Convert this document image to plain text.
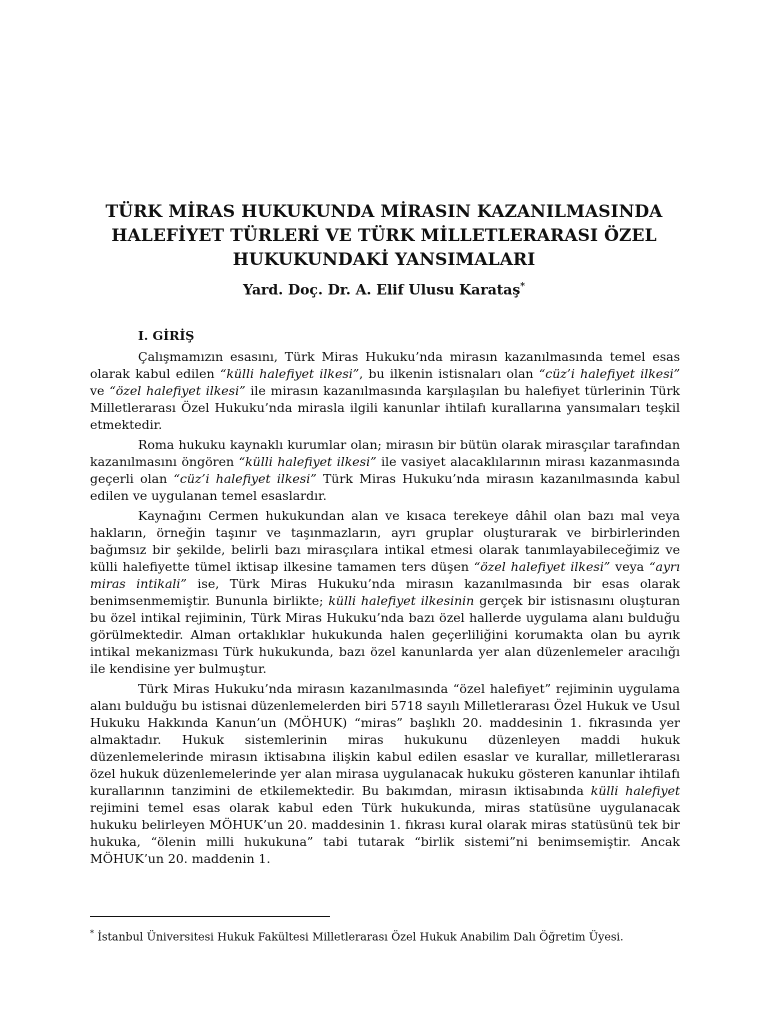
TÜRK MİRAS HUKUKUNDA MİRASIN KAZANILMASINDA
HALEFİYET TÜRLERİ VE TÜRK MİLLETLERARASI ÖZEL
HUKUKUNDAKİ YANSIMALARI
Yard. Doç. Dr. A. Elif Ulusu Karataş*
I. GİRİŞ

Çalışmamızın esasını, Türk Miras Hukuku’nda mirasın kazanılmasında temel esas olarak kabul edilen “külli halefiyet ilkesi”, bu ilkenin istisnaları olan “cüz’i halefiyet ilkesi” ve “özel halefiyet ilkesi” ile mirasın kazanılmasında karşılaşılan bu halefiyet türlerinin Türk Milletlerarası Özel Hukuku’nda mirasla ilgili kanunlar ihtilafı kurallarına yansımaları teşkil etmektedir.

Roma hukuku kaynaklı kurumlar olan; mirasın bir bütün olarak mirasçılar tarafından kazanılmasını öngören “külli halefiyet ilkesi” ile vasiyet alacaklılarının mirası kazanmasında geçerli olan “cüz’i halefiyet ilkesi” Türk Miras Hukuku’nda mirasın kazanılmasında kabul edilen ve uygulanan temel esaslardır.

Kaynağını Cermen hukukundan alan ve kısaca terekeye dâhil olan bazı mal veya hakların, örneğin taşınır ve taşınmazların, ayrı gruplar oluşturarak ve birbirlerinden bağımsız bir şekilde, belirli bazı mirasçılara intikal etmesi olarak tanımlayabileceğimiz ve külli halefiyette tümel iktisap ilkesine tamamen ters düşen “özel halefiyet ilkesi” veya “ayrı miras intikali” ise, Türk Miras Hukuku’nda mirasın kazanılmasında bir esas olarak benimsenmemiştir. Bununla birlikte; külli halefiyet ilkesinin gerçek bir istisnasını oluşturan bu özel intikal rejiminin, Türk Miras Hukuku’nda bazı özel hallerde uygulama alanı bulduğu görülmektedir. Alman ortaklıklar hukukunda halen geçerliliğini korumakta olan bu ayrık intikal mekanizması Türk hukukunda, bazı özel kanunlarda yer alan düzenlemeler aracılığı ile kendisine yer bulmuştur.

Türk Miras Hukuku’nda mirasın kazanılmasında “özel halefiyet” rejiminin uygulama alanı bulduğu bu istisnai düzenlemelerden biri 5718 sayılı Milletlerarası Özel Hukuk ve Usul Hukuku Hakkında Kanun’un (MÖHUK) “miras” başlıklı 20. maddesinin 1. fıkrasında yer almaktadır. Hukuk sistemlerinin miras hukukunu düzenleyen maddi hukuk düzenlemelerinde mirasın iktisabına ilişkin kabul edilen esaslar ve kurallar, milletlerarası özel hukuk düzenlemelerinde yer alan mirasa uygulanacak hukuku gösteren kanunlar ihtilafı kurallarının tanzimini de etkilemektedir. Bu bakımdan, mirasın iktisabında külli halefiyet rejimini temel esas olarak kabul eden Türk hukukunda, miras statüsüne uygulanacak hukuku belirleyen MÖHUK’un 20. maddesinin 1. fıkrası kural olarak miras statüsünü tek bir hukuka, “ölenin milli hukukuna” tabi tutarak “birlik sistemi”ni benimsemiştir. Ancak MÖHUK’un 20. maddenin 1.

* İstanbul Üniversitesi Hukuk Fakültesi Milletlerarası Özel Hukuk Anabilim Dalı Öğretim Üyesi.
